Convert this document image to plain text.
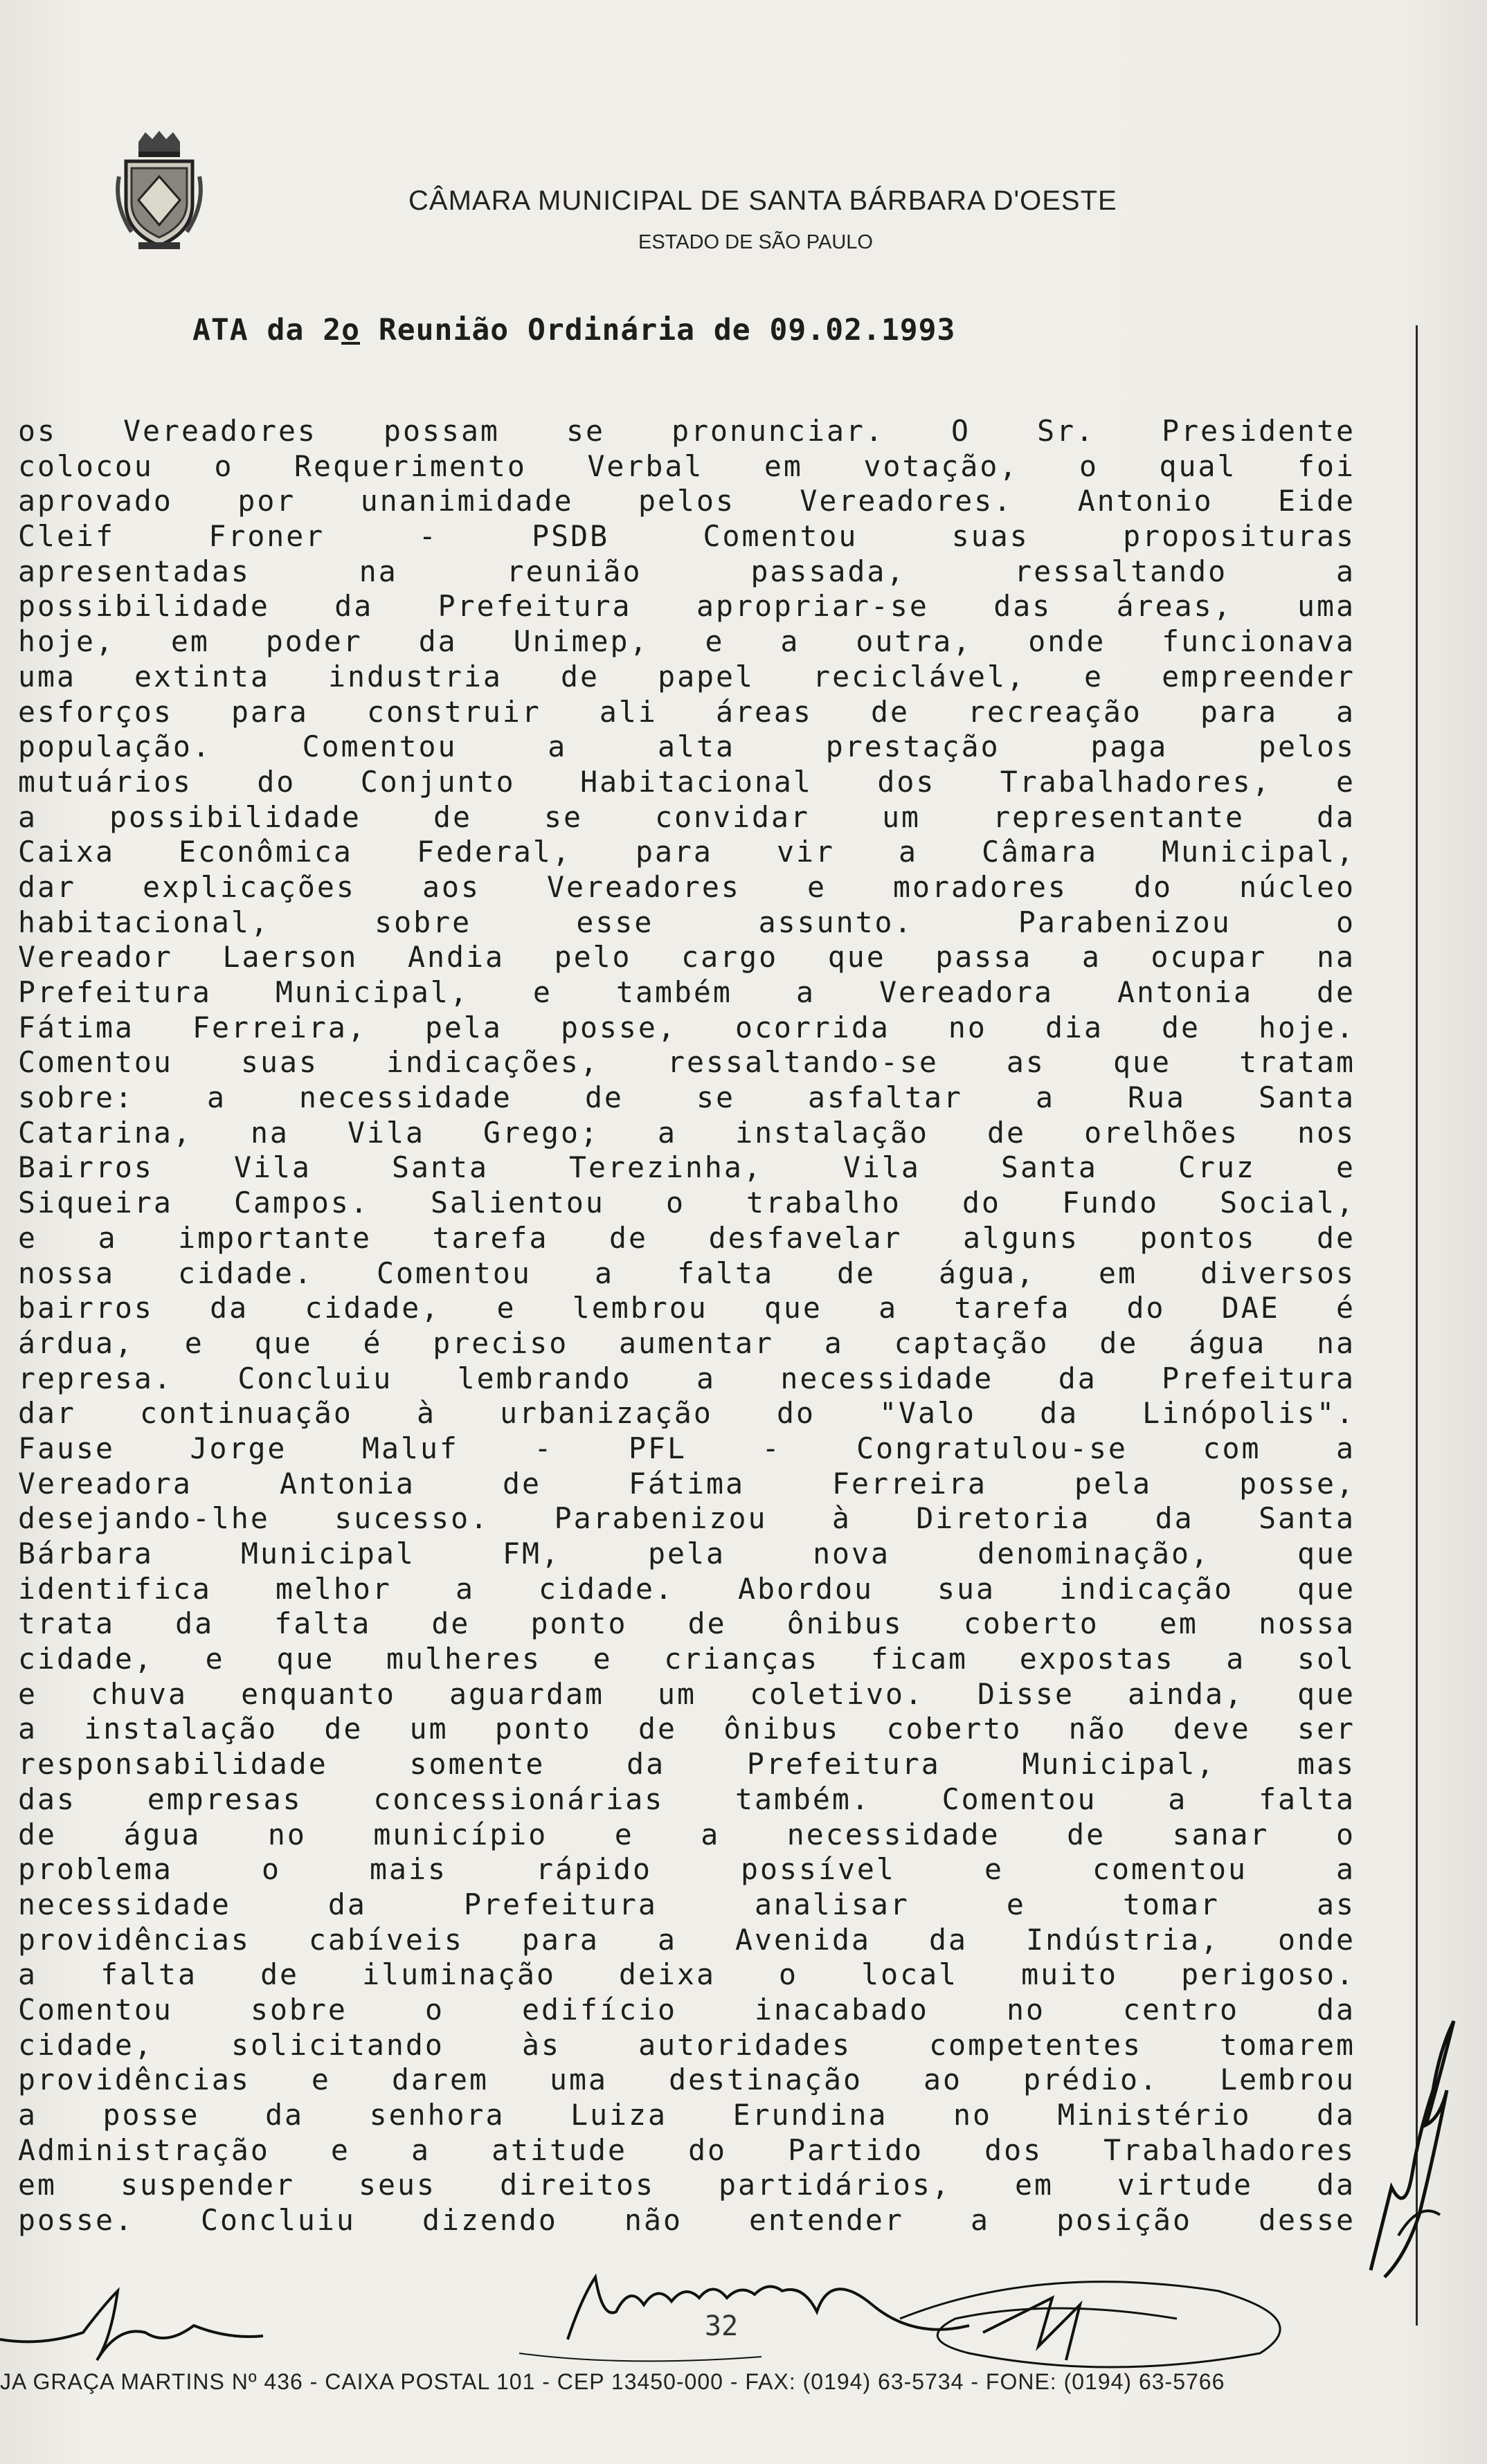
CÂMARA MUNICIPAL DE SANTA BÁRBARA D'OESTE
ESTADO DE SÃO PAULO
ATA da 2o Reunião Ordinária de 09.02.1993
os Vereadores possam se pronunciar. O Sr. Presidente
colocou o Requerimento Verbal em votação, o qual foi
aprovado por unanimidade pelos Vereadores. Antonio Eide
Cleif Froner - PSDB Comentou suas proposituras
apresentadas na reunião passada, ressaltando a
possibilidade da Prefeitura apropriar-se das áreas, uma
hoje, em poder da Unimep, e a outra, onde funcionava
uma extinta industria de papel reciclável, e empreender
esforços para construir ali áreas de recreação para a
população. Comentou a alta prestação paga pelos
mutuários do Conjunto Habitacional dos Trabalhadores, e
a possibilidade de se convidar um representante da
Caixa Econômica Federal, para vir a Câmara Municipal,
dar explicações aos Vereadores e moradores do núcleo
habitacional, sobre esse assunto. Parabenizou o
Vereador Laerson Andia pelo cargo que passa a ocupar na
Prefeitura Municipal, e também a Vereadora Antonia de
Fátima Ferreira, pela posse, ocorrida no dia de hoje.
Comentou suas indicações, ressaltando-se as que tratam
sobre: a necessidade de se asfaltar a Rua Santa
Catarina, na Vila Grego; a instalação de orelhões nos
Bairros Vila Santa Terezinha, Vila Santa Cruz e
Siqueira Campos. Salientou o trabalho do Fundo Social,
e a importante tarefa de desfavelar alguns pontos de
nossa cidade. Comentou a falta de água, em diversos
bairros da cidade, e lembrou que a tarefa do DAE é
árdua, e que é preciso aumentar a captação de água na
represa. Concluiu lembrando a necessidade da Prefeitura
dar continuação à urbanização do "Valo da Linópolis".
Fause Jorge Maluf - PFL - Congratulou-se com a
Vereadora Antonia de Fátima Ferreira pela posse,
desejando-lhe sucesso. Parabenizou à Diretoria da Santa
Bárbara Municipal FM, pela nova denominação, que
identifica melhor a cidade. Abordou sua indicação que
trata da falta de ponto de ônibus coberto em nossa
cidade, e que mulheres e crianças ficam expostas a sol
e chuva enquanto aguardam um coletivo. Disse ainda, que
a instalação de um ponto de ônibus coberto não deve ser
responsabilidade somente da Prefeitura Municipal, mas
das empresas concessionárias também. Comentou a falta
de água no município e a necessidade de sanar o
problema o mais rápido possível e comentou a
necessidade da Prefeitura analisar e tomar as
providências cabíveis para a Avenida da Indústria, onde
a falta de iluminação deixa o local muito perigoso.
Comentou sobre o edifício inacabado no centro da
cidade, solicitando às autoridades competentes tomarem
providências e darem uma destinação ao prédio. Lembrou
a posse da senhora Luiza Erundina no Ministério da
Administração e a atitude do Partido dos Trabalhadores
em suspender seus direitos partidários, em virtude da
posse. Concluiu dizendo não entender a posição desse
32
JA GRAÇA MARTINS Nº 436 - CAIXA POSTAL 101 - CEP 13450-000 - FAX: (0194) 63-5734 - FONE: (0194) 63-5766
